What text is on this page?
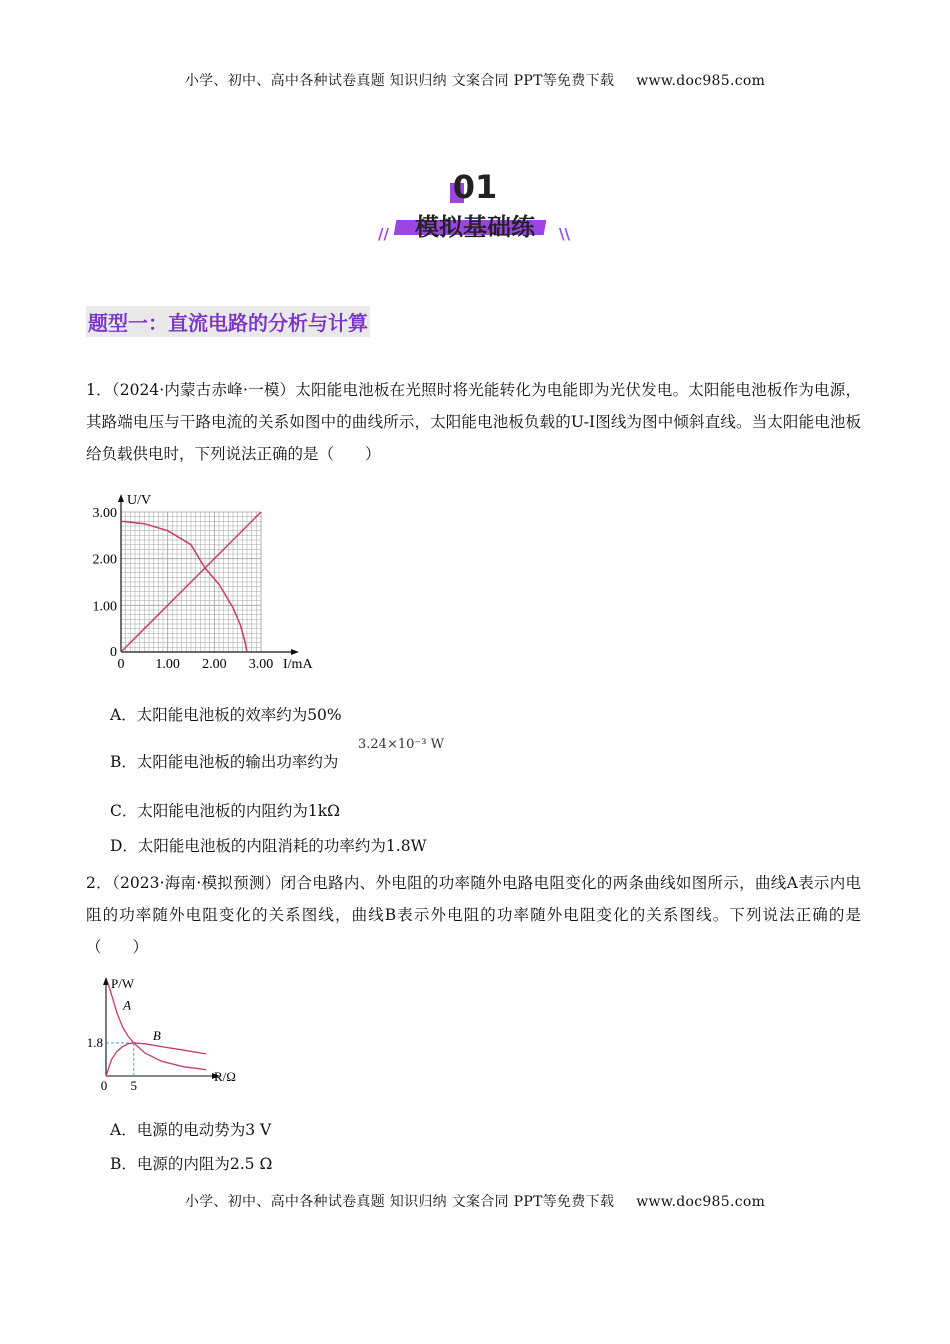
小学、初中、高中各种试卷真题 知识归纳 文案合同 PPT等免费下载 www.doc985.com
01
模拟基础练
//	\\
题型一：直流电路的分析与计算
1．（2024·内蒙古赤峰·一模）太阳能电池板在光照时将光能转化为电能即为光伏发电。太阳能电池板作为电源，其路端电压与干路电流的关系如图中的曲线所示，太阳能电池板负载的U-I图线为图中倾斜直线。当太阳能电池板给负载供电时，下列说法正确的是（　　）
1.00 2.00 3.00
1.00
2.00
3.00
0
0	I/mA
U/V
A．太阳能电池板的效率约为50%
B．太阳能电池板的输出功率约为
3.24×10⁻³ W
C．太阳能电池板的内阻约为1kΩ
D．太阳能电池板的内阻消耗的功率约为1.8W
2．（2023·海南·模拟预测）闭合电路内、外电阻的功率随外电路电阻变化的两条曲线如图所示，曲线A表示内电阻的功率随外电阻变化的关系图线，曲线B表示外电阻的功率随外电阻变化的关系图线。下列说法正确的是（　　）
A
B
1.8
0 5
R/Ω
P/W
A．电源的电动势为3 V
B．电源的内阻为2.5 Ω
小学、初中、高中各种试卷真题 知识归纳 文案合同 PPT等免费下载 www.doc985.com
